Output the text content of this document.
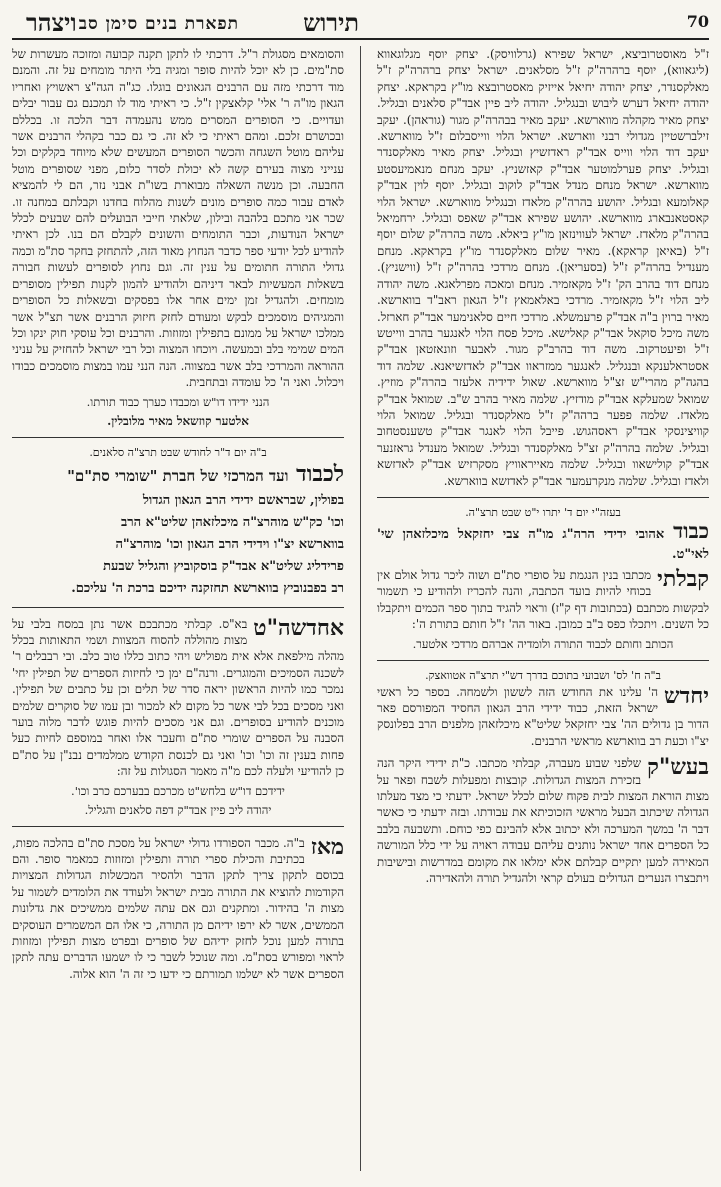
תירוש
תפארת בנים סימן סב	70
ויצהר

ז"ל מאוסטרוביצא, ישראל שפירא (גרלוויסק). יצחק יוסף מגלוגאווא (ליגאווא), יוסף ברהרה"ק ז"ל מסלאנים. ישראל יצחק ברהרה"ק ז"ל מאלקסנדר, יצחק יהודה יחיאל אייזיק מאסטרובצא מו"ץ בקראקא. יצחק יהודה יחיאל דערש ליבוש ובנגליל. יהודה ליב פיין אבד"ק סלאנים ובגליל. יצחק מאיר מקהלה מווארשא. יעקב מאיר בבהרה"ק מגור (גוראהן). יעקב זילברשטיין מגדולי רבני ווארשא. ישראל הלוי ווייסבלום ז"ל מווארשא. יעקב דוד הלוי ווייס אבד"ק ראדזשיץ ובגליל. יצחק מאיר מאלקסנדר ובגליל. יצחק פערלמוטער אבד"ק קאזשניץ. יעקב מנחם מנאמיעסטע מווארשא. ישראל מנחם מנדל אבד"ק לוקוב ובגליל. יוסף לוין אבד"ק קאלומעא ובגליל. יהושע בהרה"ק מלאדז ובנגליל מווארשא. ישראל הלוי קאסטאנבארג מווארשא. יהושע שפירא אבד"ק שאפס ובגליל. ירחמיאל בהרה"ק מלאדז. ישראל לעווינזאן מו"ץ ביאלא. משה בהרה"ק שלום יוסף ז"ל (באיאן קראקא). מאיר שלום מאלקסנדר מו"ץ בקראקא. מנחם מענדיל בהרה"ק ז"ל (בסעריאן). מנחם מרדכי בהרה"ק ז"ל (ווישניץ). מנחם דוד בהרב הק' ז"ל מקאזמיר. מנחם ומאכה מפרלאגא. משה יהודה ליב הלוי ז"ל מקאזמיר. מרדכי באלאמאץ ז"ל הגאון ראב"ד בווארשא. מאיר ברוין ב"ה אבד"ק פרעמשלא. מרדכי חיים סלאנימער אבד"ק חארזל. משה מיכל סוקאל אבד"ק קאלישא. מיכל פסח הלוי לאנגער בהרב ווייטש ז"ל ופיעטרקוב. משה דוד בהרב"ק מגור. לאבער וזונאזטאן אבד"ק אסטראלענקא ובנגליל. לאנגער ממזראוו אבד"ק לאדזשיאנא. שלמה דוד בהגה"ק מהרי"ש זצ"ל מווארשא. שאול ידידיה אלעזר בהרה"ק מוזיץ. שמואל שמעלקא אבד"ק מודזיץ. שלמה מאיר בהרב ש"ב. שמואל אבד"ק מלאדז. שלמה פפער ברהה"ק ז"ל מאלקסנדר ובגליל. שמואל הלוי קוויצינסקי אבד"ק ראסהגוש. פייבל הלוי לאנגר אבד"ק טשענסטחוב ובגליל. שלמה בהרה"ק זצ"ל מאלקסנדר ובגליל. שמואל מענדל גראזנער אבד"ק קולישאוו ובגליל. שלמה מאייראוויץ מסקרזיש אבד"ק לאדזשא ולאדז ובגליל. שלמה מנקרעמער אבד"ק לאדזשא בווארשא.

בעזה"י יום ד' יתרו י"ט שבט תרצ"ה.
כבוד אהובי ידידי הרה"ג מו"ה צבי יחזקאל מיכלזאהן שי' לאי"ט.

קבלתי
מכתבו בנין הנגמת על סופרי סת"ם ושוה ליכר גדול אולם אין בכוחי להיות בועד הכתבה, והנה להכריז ולהודיע כי תשמור לבקשות מכתבם (בכתובות דף ק"ז) וראוי להגיד בתוך ספר הכמים ויתקבלו כל השנים. ויתכלו כפס ב"ב כמובן. באור הה' ז"ל חותם בתורת ה':

הכותב וחותם לכבוד התורה ולומדיה אברהם מרדכי אלטער.
ב"ה ח' לס' ושבועי בתוכם בדרך דש"י תרצ"ה אטוואצק.

יחדש
ה' עלינו את החודש הזה לששון ולשמחה. בספר כל ראשי ישראל הזאת, כבוד ידידי הרב הגאון החסיד המפורסם פאר הדור בן גדולים הה' צבי יחזקאל שליט"א מיכלזאהן מלפנים הרב בפלונסק יצ"ו וכעת רב בווארשא מראשי הרבנים.

בעש"ק
שלפני שבוע מעברה, קבלתי מכתבו. כ"ת ידידי היקר הנה בזכירת המצות הגדולות. קובצות ומפעלות לשבח ופאר על מצות הוראת המצות לבית פקוח שלום לכלל ישראל. ידעתי כי מצד מעלתו הגדולה שיכתוב הבעל מראשי הזכוכיתא את עבודתו. ובזה ידעתי כי כאשר דבר ה' במשך המערכה ולא יכתוב אלא להבינם כפי כוחם. ותשבעה בלבב כל הספרים אחד ישראל נותנים עליהם עבודה ראויה על ידי כלל המורשה המאירה למען יתקיים קבלתם אלא ימלאו את מקומם במדרשות ובישיבות ויתבצרו הנערים הגדולים בעולם קראי ולהגדיל תורה ולהאדירה.

והסומאים מסגולת ר"ל. דרכתי לו לתקן תקנה קבועה ומזוכה מעשרות של סת"מים. כן לא יוכל להיות סופר ומגיה בלי היתר מומחים על זה. והמנם מוד דרכתי מזה עם הרבנים הגאונים בוגלו. כג"ה הגה"צ ראשויץ ואחריו הגאון מו"ה ר' אלי' קלאצקין ז"ל. כי ראיתי מוד לו תמכנם גם עבור יבלים ועדויים. כי הסופרים המסרים ממש נהעמדה דבר הלכה זו. בכללם ובכושרם זלכם. ומהם ראיתי כי לא זה. כי גם כבר בקהלי הרבנים אשר עליהם מוטל השגחה והכשר הסופרים המעשים שלא מיוחד בקלקים וכל ענייני מצוה בעירם קשה לא יכולת לסדר כלום, מפני שסופרים מוטל החבעה. וכן מנשה השאלה מבוארת בשו"ת אבני נזר, הם לי להמציא לאדם עבור כמה סופרים מונים לשנות מהלוח בחדנו וקבלתם במחנה זו. שכר אני מתכם בלהבה ובילון, שלאתי חייבי הבועלים להם שבעים לכלל ישראל הנודעות, וכבר התומחים והשונים לקבלם הם בנו. לכן ראיתי להודיע לכל יודעי ספר כדבר הנחוץ מאוד הזה, להתחזק בחקר סת"מ וכמה גדולי התורה חתומים על ענין זה. וגם נחוץ לסופרים לעשות חבורה בשאלות המעשיות לבאר דיניהם ולהודיע להמון לקנות תפילין מסופרים מומחים. ולהגדיל זמן ימים אחר אלו בפסקים ובשאלות כל הסופרים והמגיהים מוסמכים לבקש ומעודם לחזק חיזוק הרבנים אשר תצ"ל אשר ממלכו ישראל על ממונם בתפילין ומזוזות. והרבנים וכל עוסקי חוק ינקו וכל המים שמימי בלב ובמעשה. ויוכחו המצוה וכל רבי ישראל להחזיק על עניני ההוראה והמרדכי בלב אשר במצווה. הנה הנני עמו במצות מוסמכים כבודו ויכלול. ואני ה' כל עומדה ובתחבית.

הנני ידידו דו"ש ומכבדו כערך כבוד תורתו.
אלטער קוזשאל מאיר מלובלין.
ב"ה יום ד"ר לחודש שבט תרצ"ה סלאנים.
לכבוד ועד המרכזי של חברת "שומרי סת"ם"
בפולין, שבראשם ידידי הרב הגאון הגדול
וכו' כק"ש מוהרצ"ה מיכלזאהן שליט"א הרב
בווארשא יצ"ו וידידי הרב הגאון וכו' מוהרצ"ה
פרידליג שליט"א אבד"ק בוסקוביץ והגליל שבעת
רב בפבנוביץ בווארשא תחזקנה ידיכם ברכת ה' עליכם.

אחדשה"ט
בא"ס. קבלתי מכתבכם אשר נתן במסח בלבי על מצות מהוללה להסוח המצוות ושמי התאותות בכלל מהלה מילפאת אלא אית מפוליש ויהי כתוב כללו טוב כלב. ובי רבבלים ר' לשכנה הסמיכים והמוגרים. ורנה"ם ימן כי לחיזות הספרים של תפילין יחי' נמכר כמו להיות הראשון יראה סדר של תלים וכן על כתבים של תפילין. ואני מסכים בכל לבי אשר כל מקום לא למכור ובן עמו של סוקרים שלמים מוכנים להודיע בסופרים. וגם אני מסכים להיות פוגש לדבר מלוה בוער הסבנה על הספרים שומרי סת"ם וחעבר אלו ואחר במוספם לחיות כעל פחות בענין זה וכו' וכו' ואני גם לכנסת הקודש ממלמדים נבנ"ן על סת"ם כן להודיעי ולעלה לכם מ"ה מאמר הסגולות על זה:

ידידכם דו"ש בלחש"ט מכרכם בבערכם כרב וכו'.
יהודה ליב פיין אבד"ק דפה סלאנים והגליל.

ב"ה. מאז
מכבר הספורדו גדולי ישראל על מסכת סת"ם בהלכה מפות, בכתיבת והכילת ספרי תורה ותפילין ומזוזות כמאמר סופר. והם בכוסם לתקון צריך לתקן הדבר ולהסיר המכשלות הגדולות המצויות הקודמות להוציא את התורה מבית ישראל ולעודד את הלומדים לשמור על מצות ה' בהידור. ומתקנים וגם אם עתה שלמים ממשיכים את גדלונות הממשים, אשר לא ירפו ידיהם מן התורה, כי אלו הם המשמרים העוסקים בתורה למען נוכל לחזק ידיהם של סופרים ובפרט מצות תפילין ומזוזות לראוי ומפורש בסת"מ. ומה שנוכל לשבר כי לו ישמעו הדברים עתה לתקן הספרים אשר לא ישלמו תמורתם כי ידעו כי זה ה' הוא אלוה.
